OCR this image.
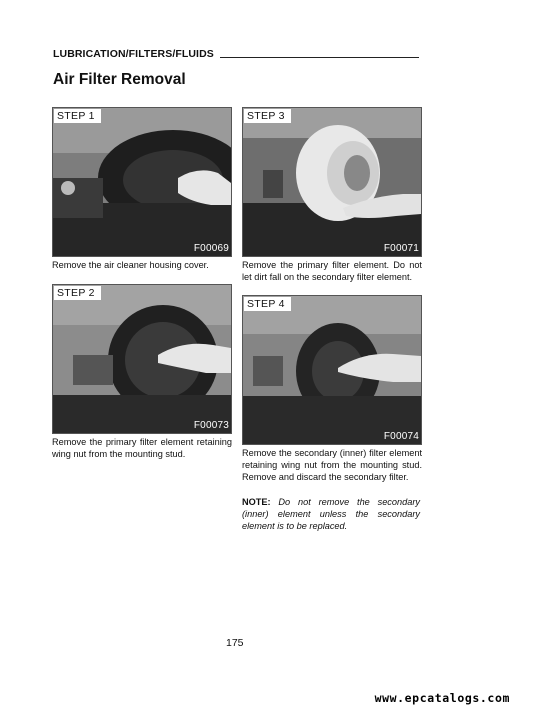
LUBRICATION/FILTERS/FLUIDS
Air Filter Removal
STEP 1
F00069

Remove the air cleaner housing cover.

STEP 2
F00073

Remove the primary filter element retaining wing nut from the mounting stud.

STEP 3
F00071

Remove the primary filter element. Do not let dirt fall on the secondary filter element.

STEP 4
F00074

Remove the secondary (inner) filter element retaining wing nut from the mounting stud. Remove and discard the secondary filter.

NOTE: Do not remove the secondary (inner) element unless the secondary element is to be replaced.

175
www.epcatalogs.com
